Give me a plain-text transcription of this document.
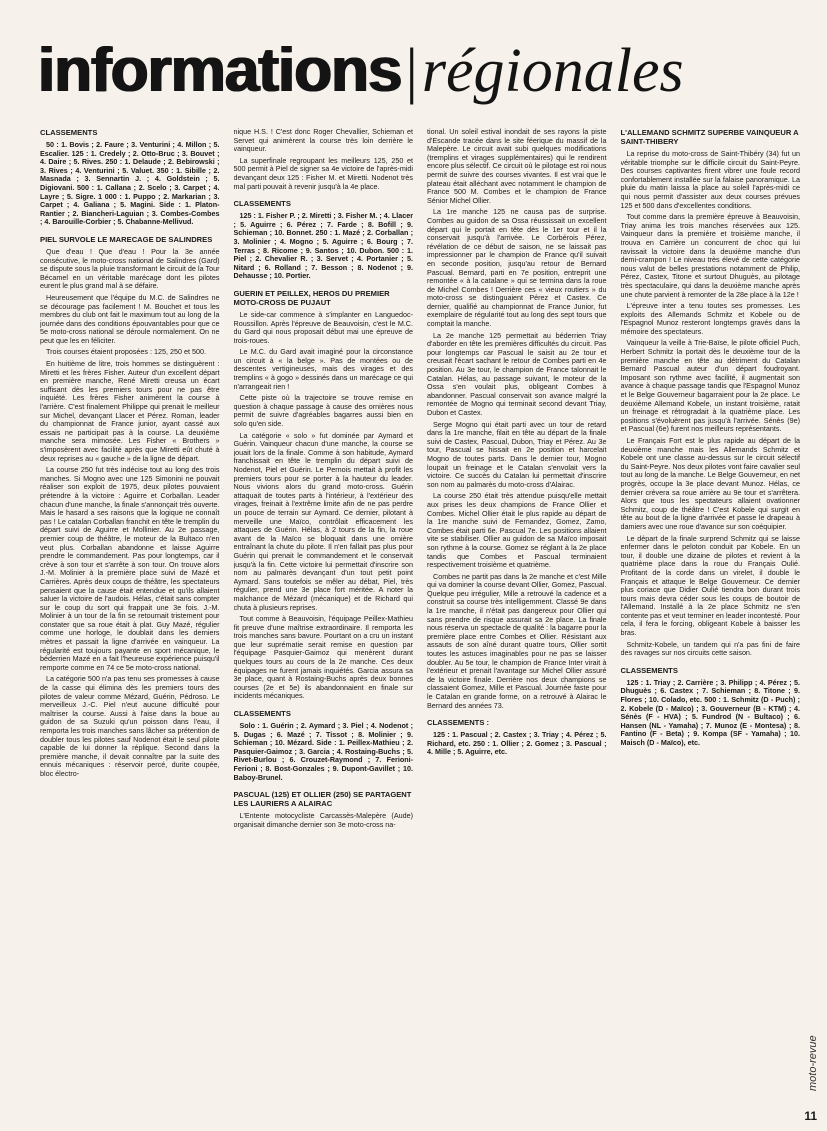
informations | régionales
CLASSEMENTS

50 : 1. Bovis ; 2. Faure ; 3. Venturini ; 4. Millon ; 5. Escalier. 125 : 1. Credely ; 2. Otto-Bruc ; 3. Bouvet ; 4. Daire ; 5. Rives. 250 : 1. Delaude ; 2. Bebirowski ; 3. Rives ; 4. Venturini ; 5. Valuet. 350 : 1. Sibille ; 2. Masnada ; 3. Sennartin J. ; 4. Goldstein ; 5. Digiovani. 500 : 1. Callana ; 2. Scelo ; 3. Carpet ; 4. Layre ; 5. Sigre. 1 000 : 1. Puppo ; 2. Markarian ; 3. Carpet ; 4. Galiana ; 5. Magini. Side : 1. Platon-Rantier ; 2. Biancheri-Laguian ; 3. Combes-Combes ; 4. Barouille-Corbier ; 5. Chabanne-Mellivud.

PIEL SURVOLE LE MARECAGE DE SALINDRES

Que d'eau ! Que d'eau ! Pour la 3e année consécutive, le moto-cross national de Salindres (Gard) se dispute sous la pluie transformant le circuit de la Tour Bécamel en un véritable marécage dont les pilotes eurent le plus grand mal à se défaire.

Heureusement que l'équipe du M.C. de Salindres ne se décourage pas facilement ! M. Bouchet et tous les membres du club ont fait le maximum tout au long de la journée dans des conditions épouvantables pour que ce 5e moto-cross national se déroule normalement. On ne peut que les en féliciter.

Trois courses étaient proposées : 125, 250 et 500.

En huitième de litre, trois hommes se distinguèrent : Miretti et les frères Fisher. Auteur d'un excellent départ en première manche, René Miretti creusa un écart suffisant dès les premiers tours pour ne pas être inquiété. Les frères Fisher animèrent la course à l'arrière. C'est finalement Philippe qui prenait le meilleur sur Michel, devançant Llacer et Pérez. Roman, leader du championnat de France junior, ayant cassé aux essais ne participait pas à la course. La deuxième manche sera mimosée. Les Fisher « Brothers » s'imposèrent avec facilité après que Miretti eût chuté à deux reprises au « gauche » de la ligne de départ.

La course 250 fut très indécise tout au long des trois manches. Si Mogno avec une 125 Simonini ne pouvait réaliser son exploit de 1975, deux pilotes pouvaient prétendre à la victoire : Aguirre et Corballan. Leader chacun d'une manche, la finale s'annonçait très ouverte. Mais le hasard a ses raisons que la logique ne connaît pas ! Le catalan Corballan franchit en tête le tremplin du départ suivi de Aguirre et Mollinier. Au 2e passage, premier coup de théâtre, le moteur de la Bultaco n'en veut plus. Corballan abandonne et laisse Aguirre prendre le commandement. Pas pour longtemps, car il crève à son tour et s'arrête à son tour. On trouve alors J.-M. Molinier à la première place suivi de Mazé et Carrières. Après deux coups de théâtre, les spectateurs pensaient que la cause était entendue et qu'ils allaient saluer la victoire de l'audois. Hélas, c'était sans compter sur le coup du sort qui frappait une 3e fois. J.-M. Molinier à un tour de la fin se retournait tristement pour constater que sa roue était à plat. Guy Mazé, régulier comme une horloge, le doublait dans les derniers mètres et passait la ligne d'arrivée en vainqueur. La régularité est toujours payante en sport mécanique, le béderrien Mazé en a fait l'heureuse expérience puisqu'il remporte comme en 74 ce 5e moto-cross national.

La catégorie 500 n'a pas tenu ses promesses à cause de la casse qui élimina dès les premiers tours des pilotes de valeur comme Mézard, Guérin, Pédroso. Le merveilleux J.-C. Piel n'eut aucune difficulté pour maîtriser la course. Aussi à l'aise dans la boue au guidon de sa Suzuki qu'un poisson dans l'eau, il remporta les trois manches sans lâcher sa prétention de doubler tous les pilotes sauf Nodenot était le seul pilote capable de lui donner la réplique. Second dans la première manche, il devait connaître par la suite des ennuis mécaniques : réservoir percé, durite coupée, bloc électro-

nique H.S. ! C'est donc Roger Chevallier, Schieman et Servet qui animèrent la course très loin derrière le vainqueur.

La superfinale regroupant les meilleurs 125, 250 et 500 permit à Piel de signer sa 4e victoire de l'après-midi devançant deux 125 : Fisher M. et Miretti. Nodenot très mal parti pouvait à revenir jusqu'à la 4e place.

CLASSEMENTS

125 : 1. Fisher P. ; 2. Miretti ; 3. Fisher M. ; 4. Llacer ; 5. Aguirre ; 6. Pérez ; 7. Farde ; 8. Bofill ; 9. Schieman ; 10. Bonnet. 250 : 1. Mazé ; 2. Corballan ; 3. Molinier ; 4. Mogno ; 5. Aguirre ; 6. Bourg ; 7. Terras ; 8. Ricome ; 9. Santos ; 10. Dubon. 500 : 1. Piel ; 2. Chevalier R. ; 3. Servet ; 4. Portanier ; 5. Nitard ; 6. Rolland ; 7. Besson ; 8. Nodenot ; 9. Dehausse ; 10. Portier.

GUERIN ET PEILLEX, HEROS DU PREMIER MOTO-CROSS DE PUJAUT

Le side-car commence à s'implanter en Languedoc-Roussillon. Après l'épreuve de Beauvoisin, c'est le M.C. du Gard qui nous proposait début mai une épreuve de trois-roues.

Le M.C. du Gard avait imaginé pour la circonstance un circuit à « la belge ». Pas de montées ou de descentes vertigineuses, mais des virages et des tremplins « à gogo » dessinés dans un marécage ce qui n'arrangeait rien !

Cette piste où la trajectoire se trouve remise en question à chaque passage à cause des ornières nous permit de suivre d'agréables bagarres aussi bien en solo qu'en side.

La catégorie « solo » fut dominée par Aymard et Guérin. Vainqueur chacun d'une manche, la course se jouait lors de la finale. Comme à son habitude, Aymard franchissait en tête le tremplin du départ suivi de Nodenot, Piel et Guérin. Le Pernois mettait à profit les premiers tours pour se porter à la hauteur du leader. Nous vivions alors du grand moto-cross. Guérin attaquait de toutes parts à l'intérieur, à l'extérieur des virages, freinait à l'extrême limite afin de ne pas perdre un pouce de terrain sur Aymard. Ce dernier, pilotant à merveille une Maïco, contrôlait efficacement les attaques de Guérin. Hélas, à 2 tours de la fin, la roue avant de la Maïco se bloquait dans une ornière entraînant la chute du pilote. Il n'en fallait pas plus pour Guérin qui prenait le commandement et le conservait jusqu'à la fin. Cette victoire lui permettait d'inscrire son nom au palmarès devançant d'un tout petit point Aymard. Sans toutefois se mêler au débat, Piel, très régulier, prend une 3e place fort méritée. A noter la malchance de Mézard (mécanique) et de Richard qui chuta à plusieurs reprises.

Tout comme à Beauvoisin, l'équipage Peillex-Mathieu fit preuve d'une maîtrise extraordinaire. Il remporta les trois manches sans bavure. Pourtant on a cru un instant que leur suprématie serait remise en question par l'équipage Pasquier-Gaimoz qui menèrent durant quelques tours au cours de la 2e manche. Ces deux équipages ne furent jamais inquiétés. Garcia assura sa 3e place, quant à Rostaing-Buchs après deux bonnes courses (2e et 5e) ils abandonnaient en finale sur incidents mécaniques.

CLASSEMENTS

Solo : 1. Guérin ; 2. Aymard ; 3. Piel ; 4. Nodenot ; 5. Dugas ; 6. Mazé ; 7. Tissot ; 8. Molinier ; 9. Schieman ; 10. Mézard. Side : 1. Peillex-Mathieu ; 2. Pasquier-Gaimoz ; 3. Garcia ; 4. Rostaing-Buchs ; 5. Rivet-Burlou ; 6. Crouzet-Raymond ; 7. Ferioni-Ferioni ; 8. Bost-Gonzales ; 9. Dupont-Gavillet ; 10. Baboy-Brunel.

PASCUAL (125) ET OLLIER (250) SE PARTAGENT LES LAURIERS A ALAIRAC

L'Entente motocycliste Carcassès-Malepère (Aude) organisait dimanche dernier son 3e moto-cross na-

tional. Un soleil estival inondait de ses rayons la piste d'Escande tracée dans le site féerique du massif de la Malepère. Le circuit avait subi quelques modifications (tremplins et virages supplémentaires) qui le rendirent encore plus sélectif. Ce circuit où le pilotage est roi nous permit de suivre des courses vivantes. Il est vrai que le plateau était alléchant avec notamment le champion de France 500 M. Combes et le champion de France Sénior Michel Ollier.

La 1re manche 125 ne causa pas de surprise. Combes au guidon de sa Ossa réussissait un excellent départ qui le portait en tête dès le 1er tour et il la conservait jusqu'à l'arrivée. Le Corbérois Pérez, révélation de ce début de saison, ne se laissait pas impressionner par le champion de France qu'il suivait en seconde position, jusqu'au retour de Bernard Pascual. Bernard, parti en 7e position, entreprit une remontée « à la catalane » qui se termina dans la roue de Michel Combes ! Derrière ces « vieux routiers » du moto-cross se distinguaient Pérez et Castex. Ce dernier, qualifié au championnat de France Junior, fut exemplaire de régularité tout au long des sept tours que comptait la manche.

La 2e manche 125 permettait au béderrien Triay d'aborder en tête les premières difficultés du circuit. Pas pour longtemps car Pascual le saisit au 2e tour et creusait l'écart sachant le retour de Combes parti en 4e position. Au 3e tour, le champion de France talonnait le Catalan. Hélas, au passage suivant, le moteur de la Ossa s'en voulait plus, obligeant Combes à abandonner. Pascual conservait son avance malgré la remontée de Mogno qui terminait second devant Triay, Dubon et Castex.

Serge Mogno qui était parti avec un tour de retard dans la 1re manche, filait en tête au départ de la finale suivi de Castex, Pascual, Dubon, Triay et Pérez. Au 3e tour, Pascual se hissait en 2e position et harcelait Mogno de toutes parts. Dans le dernier tour, Mogno loupait un freinage et le Catalan s'envolait vers la victoire. Ce succès du Catalan lui permettait d'inscrire son nom au palmarès du moto-cross d'Alairac.

La course 250 était très attendue puisqu'elle mettait aux prises les deux champions de France Ollier et Combes. Michel Ollier était le plus rapide au départ de la 1re manche suivi de Fernandez, Gomez, Zamo, Combes était parti 6e. Pascual 7e. Les positions allaient vite se stabiliser. Ollier au guidon de sa Maïco imposait son rythme à la course. Gomez se réglant à la 2e place tandis que Combes et Pascual terminaient respectivement troisième et quatrième.

Combes ne partit pas dans la 2e manche et c'est Mille qui va dominer la course devant Ollier, Gomez, Pascual. Quelque peu irrégulier, Mille a retrouvé la cadence et a construit sa course très intelligemment. Classé 9e dans la 1re manche, il n'était pas dangereux pour Ollier qui sans prendre de risque assurait sa 2e place. La finale nous réserva un spectacle de qualité : la bagarre pour la première place entre Combes et Ollier. Résistant aux assauts de son aîné durant quatre tours, Ollier sortit toutes les astuces imaginables pour ne pas se laisser doubler. Au 5e tour, le champion de France Inter virait à l'extérieur et prenait l'avantage sur Michel Ollier assuré de la victoire finale. Derrière nos deux champions se classaient Gomez, Mille et Pascual. Journée faste pour le Catalan en grande forme, on a retrouvé à Alairac le Bernard des années 73.

CLASSEMENTS :

125 : 1. Pascual ; 2. Castex ; 3. Triay ; 4. Pérez ; 5. Richard, etc. 250 : 1. Ollier ; 2. Gomez ; 3. Pascual ; 4. Mille ; 5. Aguirre, etc.

L'ALLEMAND SCHMITZ SUPERBE VAINQUEUR A SAINT-THIBERY

La reprise du moto-cross de Saint-Thibéry (34) fut un véritable triomphe sur le difficile circuit du Saint-Peyre. Des courses captivantes firent vibrer une foule record confortablement installée sur la falaise panoramique. La pluie du matin laissa la place au soleil l'après-midi ce qui nous permit d'assister aux deux courses prévues 125 et 500 dans d'excellentes conditions.

Tout comme dans la première épreuve à Beauvoisin, Triay anima les trois manches réservées aux 125. Vainqueur dans la première et troisième manche, il trouva en Carrière un concurrent de choc qui lui ravissait la victoire dans la deuxième manche d'un demi-crampon ! Le niveau très élevé de cette catégorie nous valut de belles prestations notamment de Philip, Pérez, Castex, Titone et surtout Dhuguès, au pilotage très spectaculaire, qui dans la deuxième manche après une chute parvient à remonter de la 28e place à la 12e !

L'épreuve inter a tenu toutes ses promesses. Les exploits des Allemands Schmitz et Kobele ou de l'Espagnol Munoz resteront longtemps gravés dans la mémoire des spectateurs.

Vainqueur la veille à Trie-Baïse, le pilote officiel Puch, Herbert Schmitz la portait dès le deuxième tour de la première manche en tête au détriment du Catalan Bernard Pascual auteur d'un départ foudroyant. Imposant son rythme avec facilité, il augmentait son avance à chaque passage tandis que l'Espagnol Munoz et le Belge Gouverneur bagarraient pour la 2e place. Le deuxième Allemand Kobele, un instant troisième, ratait un freinage et rétrogradait à la quatrième place. Les positions s'évoluèrent pas jusqu'à l'arrivée. Sénès (9e) et Pascual (6e) furent nos meilleurs représentants.

Le Français Fort est le plus rapide au départ de la deuxième manche mais les Allemands Schmitz et Kobele ont une classe au-dessus sur le circuit sélectif du Saint-Peyre. Nos deux pilotes vont faire cavalier seul tout au long de la manche. Le Belge Gouverneur, en net progrès, occupe la 3e place devant Munoz. Hélas, ce dernier crèvera sa roue arrière au 9e tour et s'arrêtera. Alors que tous les spectateurs allaient ovationner Schmitz, coup de théâtre ! C'est Kobele qui surgit en tête au bout de la ligne d'arrivée et passe le drapeau à damiers avec une roue d'avance sur son coéquipier.

Le départ de la finale surprend Schmitz qui se laisse enfermer dans le peloton conduit par Kobele. En un tour, il double une dizaine de pilotes et revient à la quatrième place dans la roue du Français Oulié. Profitant de la corde dans un virelet, il double le Français et attaque le Belge Gouverneur. Ce dernier plus coriace que Didier Oulié tiendra bon durant trois tours mais devra céder sous les coups de boutoir de l'Allemand. Installé à la 2e place Schmitz ne s'en contente pas et veut terminer en leader incontesté. Pour cela, il fera le forcing, obligeant Kobele à baisser les bras.

Schmitz-Kobele, un tandem qui n'a pas fini de faire des ravages sur nos circuits cette saison.

CLASSEMENTS

125 : 1. Triay ; 2. Carrière ; 3. Philipp ; 4. Pérez ; 5. Dhuguès ; 6. Castex ; 7. Schieman ; 8. Titone ; 9. Flores ; 10. Colado, etc. 500 : 1. Schmitz (D - Puch) ; 2. Kobele (D - Maïco) ; 3. Gouverneur (B - KTM) ; 4. Sénès (F - HVA) ; 5. Fundrod (N - Bultaco) ; 6. Hansen (NL - Yamaha) ; 7. Munoz (E - Montesa) ; 8. Fantino (F - Beta) ; 9. Kompa (SF - Yamaha) ; 10. Maisch (D - Maïco), etc.

moto-revue
11
